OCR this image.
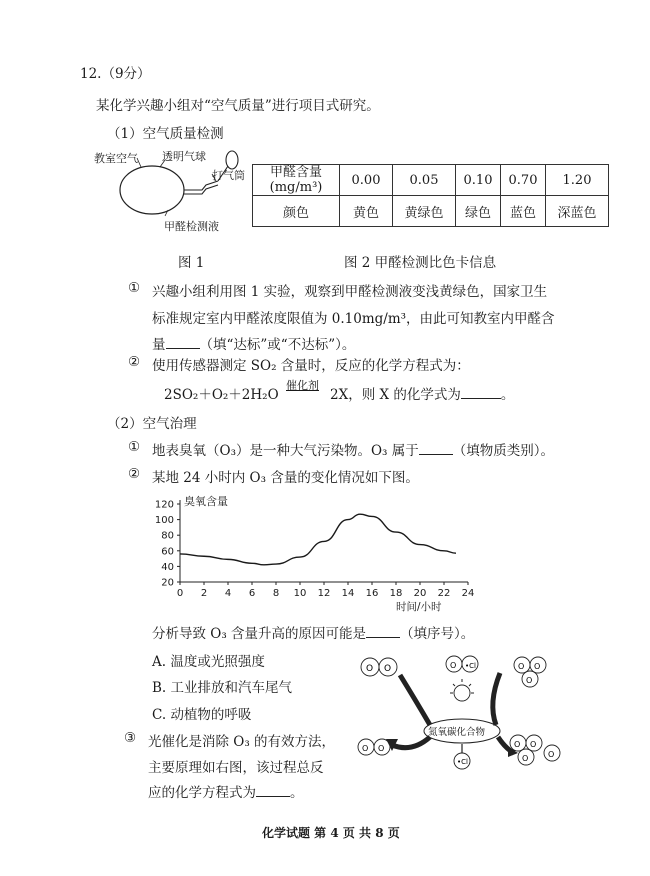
12.（9分）
某化学兴趣小组对“空气质量”进行项目式研究。
（1）空气质量检测
教室空气 透明气球
打气筒
甲醛检测液
图 1
甲醛含量
(mg/m³)	0.00	0.05	0.10	0.70	1.20
颜色	黄色	黄绿色	绿色	蓝色	深蓝色
图 2 甲醛检测比色卡信息
① 兴趣小组利用图 1 实验，观察到甲醛检测液变浅黄绿色，国家卫生
标准规定室内甲醛浓度限值为 0.10mg/m³，由此可知教室内甲醛含
量	（填“达标”或“不达标”）。
② 使用传感器测定 SO₂ 含量时，反应的化学方程式为：
2SO₂＋O₂＋2H₂O
催化剂
2X，则 X 的化学式为	。
（2）空气治理
① 地表臭氧（O₃）是一种大气污染物。O₃ 属于	（填物质类别）。
② 某地 24 小时内 O₃ 含量的变化情况如下图。
20
40
60
80
100
120
0 2 4 6 8 10 12 14 16 18 20 22 24
臭氧含量
时间/小时
分析导致 O₃ 含量升高的原因可能是	（填序号）。
A. 温度或光照强度
B. 工业排放和汽车尾气
C. 动植物的呼吸
③ 光催化是消除 O₃ 的有效方法，
主要原理如右图，该过程总反
应的化学方程式为	。
O O	O •Cl	O O
O
氮氧碳化合物
O O
•Cl
O O
O O
化学试题 第 4 页 共 8 页
